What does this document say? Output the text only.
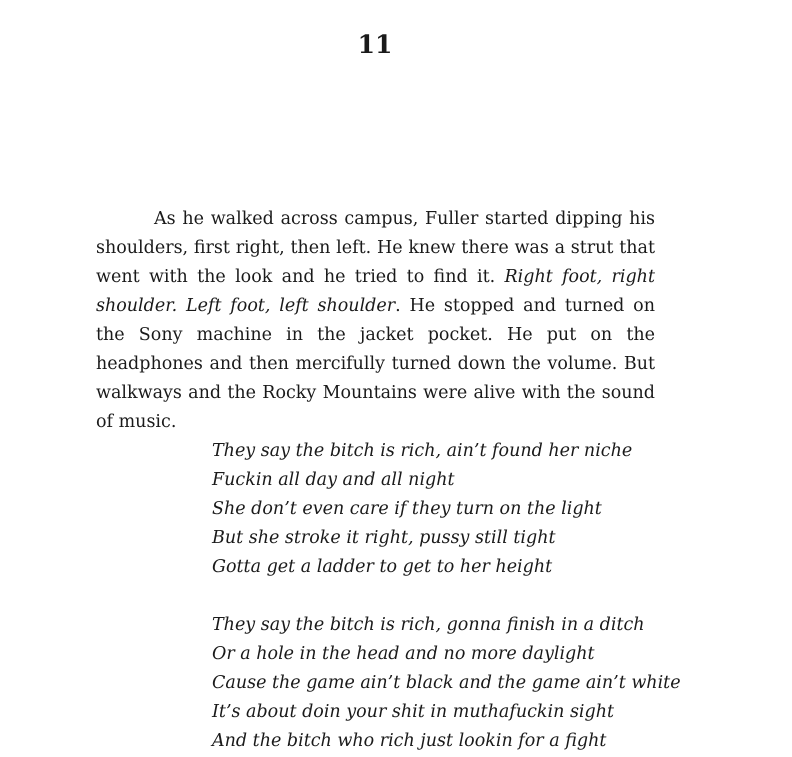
11

As he walked across campus, Fuller started dipping his shoulders, first right, then left. He knew there was a strut that went with the look and he tried to find it. Right foot, right shoulder. Left foot, left shoulder. He stopped and turned on the Sony machine in the jacket pocket. He put on the headphones and then mercifully turned down the volume. But walkways and the Rocky Mountains were alive with the sound of music.

They say the bitch is rich, ain’t found her niche
Fuckin all day and all night
She don’t even care if they turn on the light
But she stroke it right, pussy still tight
Gotta get a ladder to get to her height
They say the bitch is rich, gonna finish in a ditch
Or a hole in the head and no more daylight
Cause the game ain’t black and the game ain’t white
It’s about doin your shit in muthafuckin sight
And the bitch who rich just lookin for a fight
